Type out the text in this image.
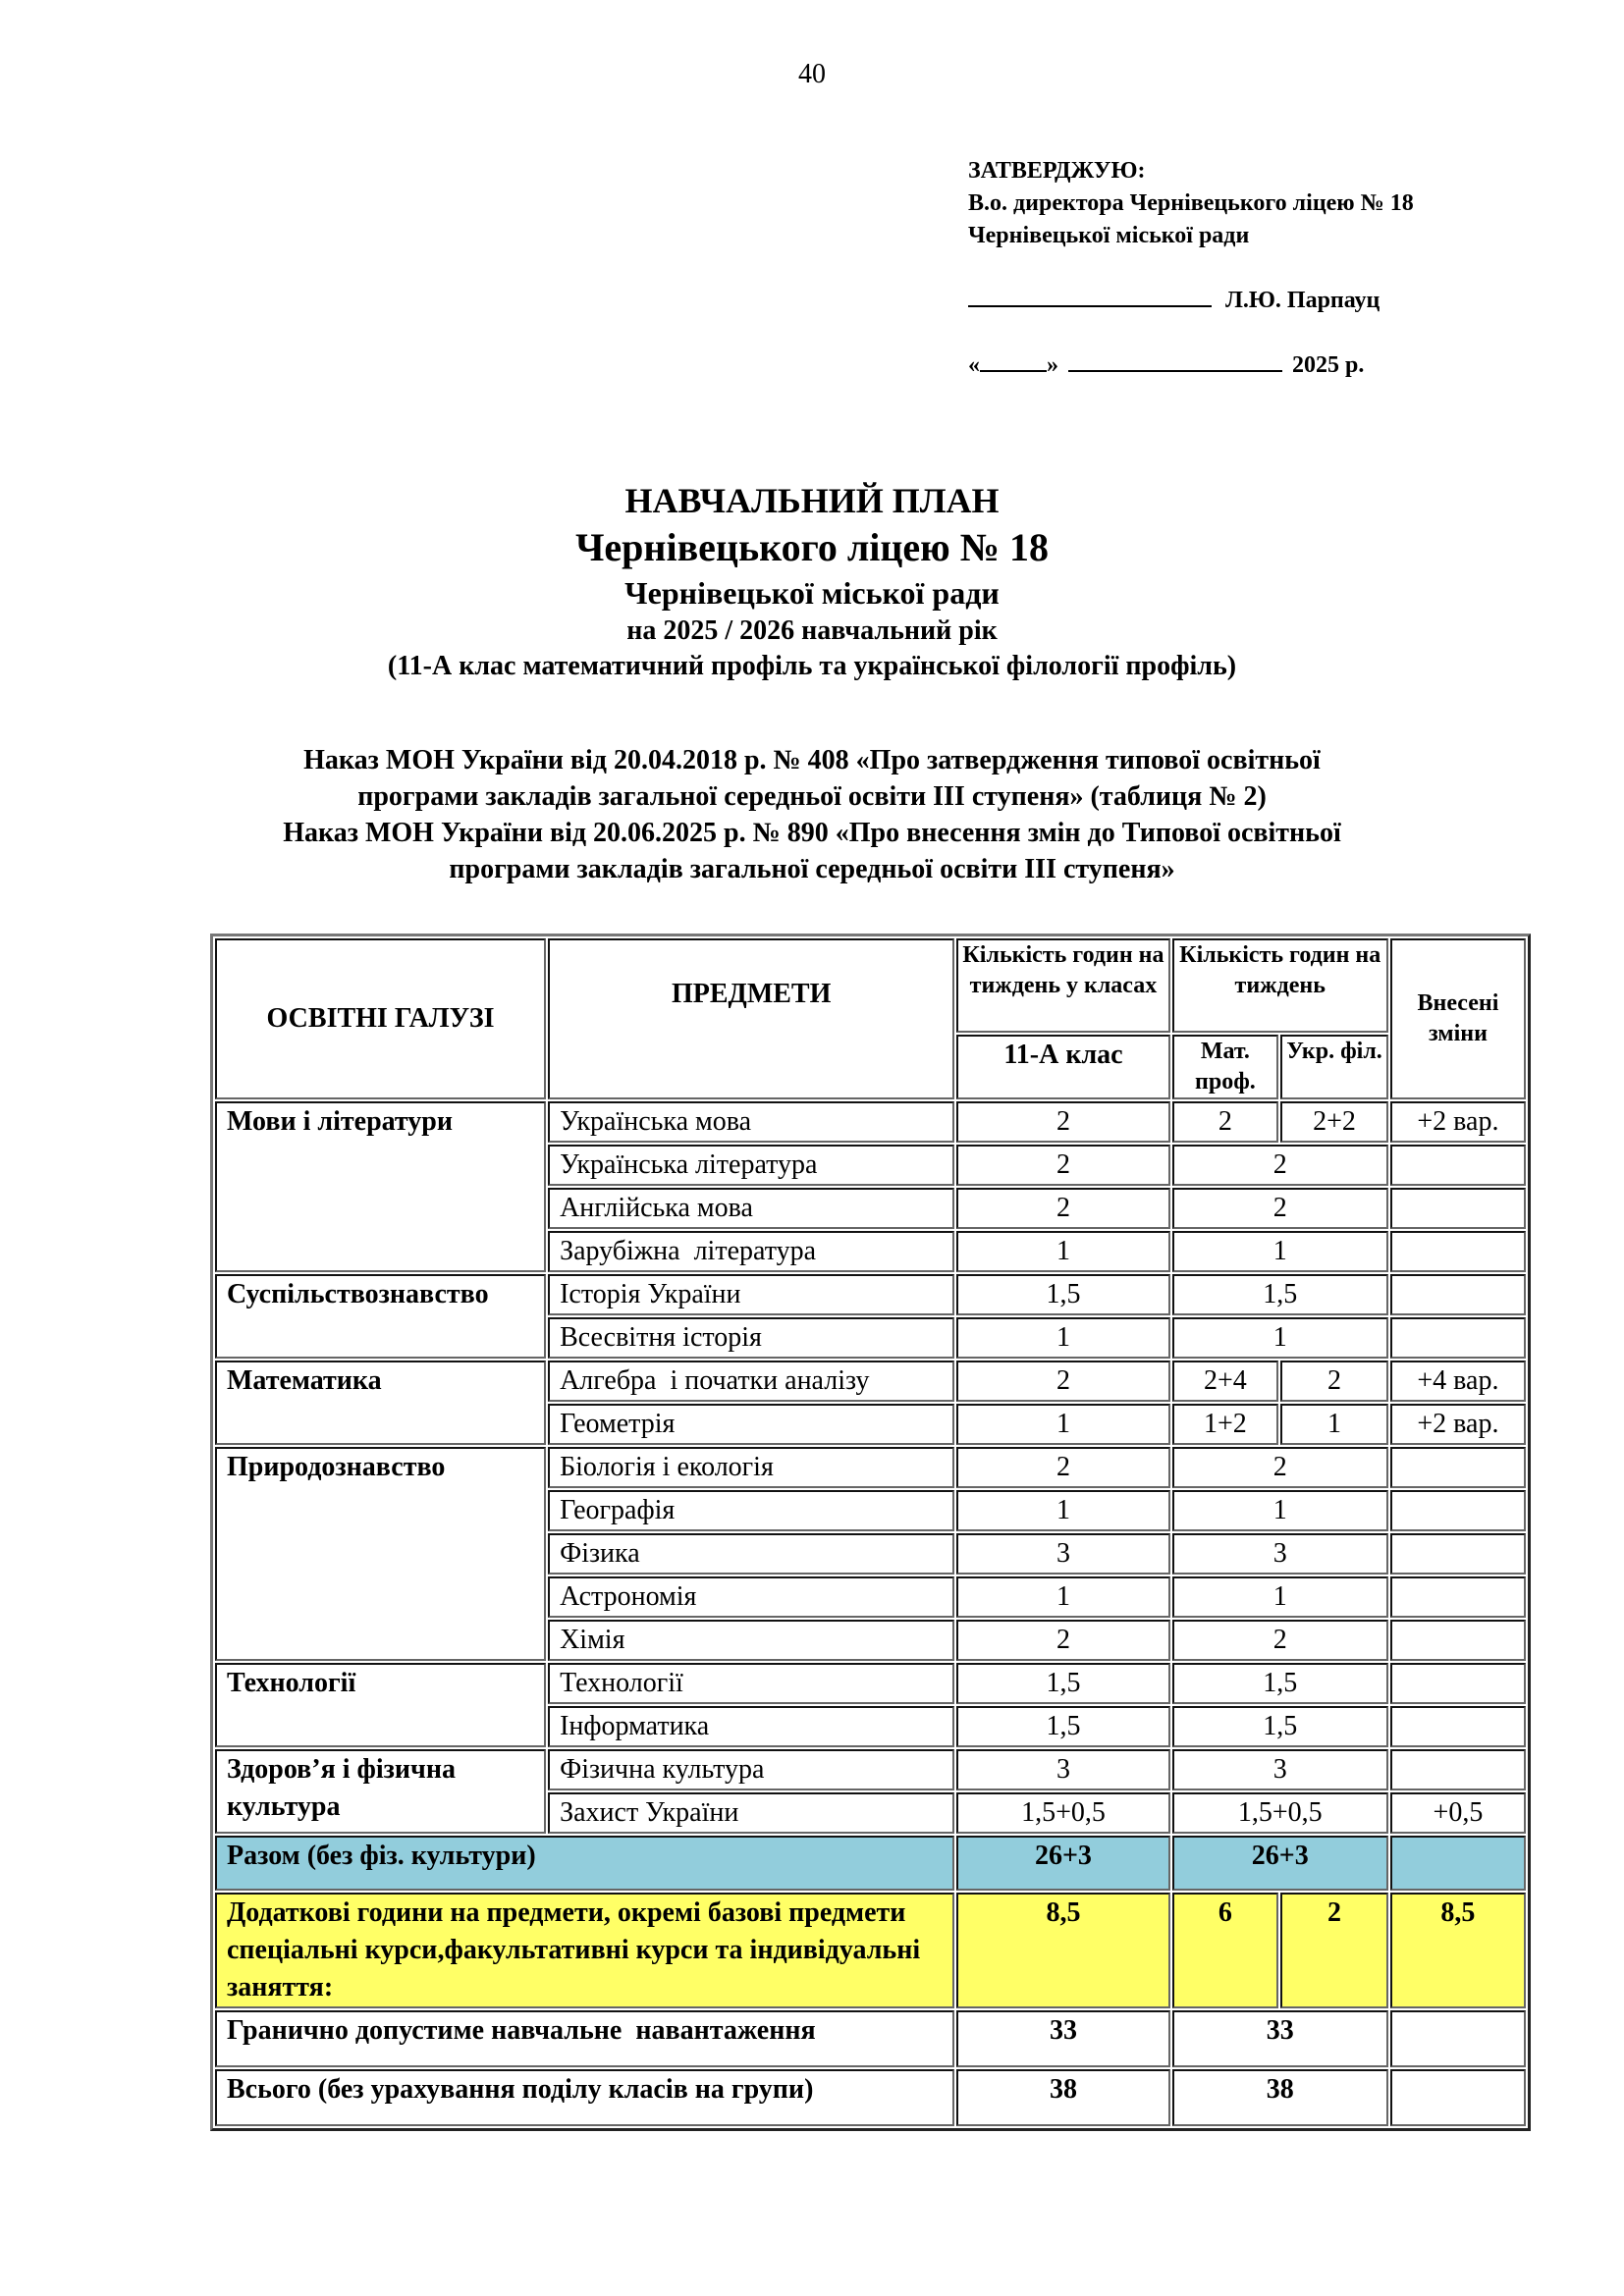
40
ЗАТВЕРДЖУЮ:
В.о. директора Чернівецького ліцею № 18
Чернівецької міської ради
Л.Ю. Парпауц
«	»	2025 р.
НАВЧАЛЬНИЙ ПЛАН
Чернівецького ліцею № 18
Чернівецької міської ради
на 2025 / 2026 навчальний рік
(11-А клас математичний профіль та української філології профіль)
Наказ МОН України від 20.04.2018 р. № 408 «Про затвердження типової освітньої
програми закладів загальної середньої освіти ІІІ ступеня» (таблиця № 2)
Наказ МОН України від 20.06.2025 р. № 890 «Про внесення змін до Типової освітньої
програми закладів загальної середньої освіти ІІІ ступеня»
ОСВІТНІ ГАЛУЗІ	ПРЕДМЕТИ	Кількість годин на тиждень у класах	Кількість годин на тиждень		Внесені зміни
		11-А клас	Мат. проф.	Укр. філ.	
Мови і літератури	Українська мова	2	2	2+2	+2 вар.
	Українська література	2	2		
	Англійська мова	2	2		
	Зарубіжна  література	1	1		
Суспільствознавство	Історія України	1,5	1,5		
	Всесвітня історія	1	1		
Математика	Алгебра  і початки аналізу	2	2+4	2	+4 вар.
	Геометрія	1	1+2	1	+2 вар.
Природознавство	Біологія і екологія	2	2		
	Географія	1	1		
	Фізика	3	3		
	Астрономія	1	1		
	Хімія	2	2		
Технології	Технології	1,5	1,5		
	Інформатика	1,5	1,5		
Здоров’я і фізична культура	Фізична культура	3	3		
	Захист України	1,5+0,5	1,5+0,5		+0,5
Разом (без фіз. культури)		26+3	26+3		
Додаткові години на предмети, окремі базові предмети спеціальні курси,факультативні курси та індивідуальні заняття:		8,5	6	2	8,5
Гранично допустиме навчальне  навантаження		33	33		
Всього (без урахування поділу класів на групи)		38	38		
